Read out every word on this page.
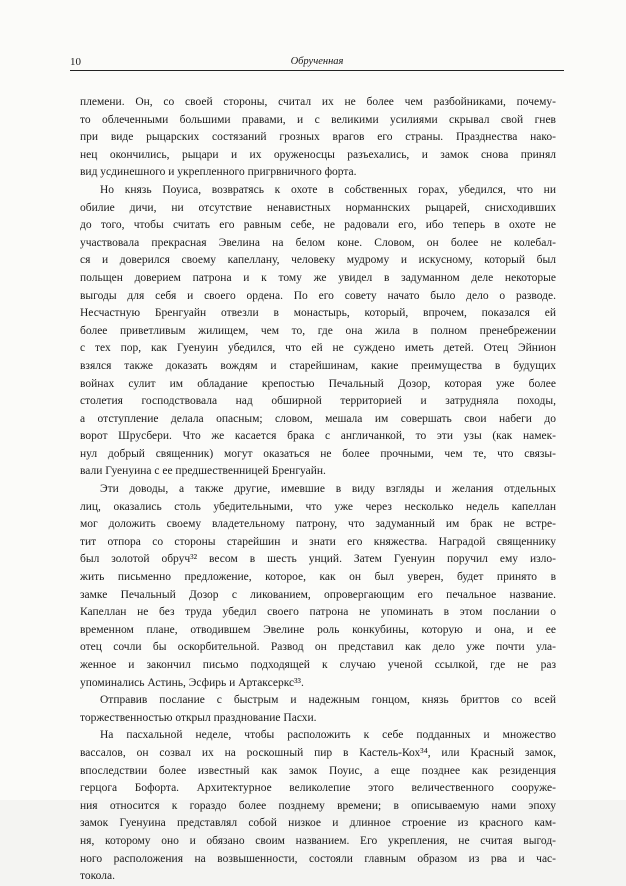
10	Обрученная
племени. Он, со своей стороны, считал их не более чем разбойниками, почему-
то облеченными большими правами, и с великими усилиями скрывал свой гнев
при виде рыцарских состязаний грозных врагов его страны. Празднества нако-
нец окончились, рыцари и их оруженосцы разъехались, и замок снова принял
вид усдинешного и укрепленного пригрвничного форта.
Но князь Поуиса, возвратясь к охоте в собственных горах, убедился, что ни
обилие дичи, ни отсутствие ненавистных норманнских рыцарей, снисходивших
до того, чтобы считать его равным себе, не радовали его, ибо теперь в охоте не
участвовала прекрасная Эвелина на белом коне. Словом, он более не колебал-
ся и доверился своему капеллану, человеку мудрому и искусному, который был
польщен доверием патрона и к тому же увидел в задуманном деле некоторые
выгоды для себя и своего ордена. По его совету начато было дело о разводе.
Несчастную Бренгуайн отвезли в монастырь, который, впрочем, показался ей
более приветливым жилищем, чем то, где она жила в полном пренебрежении
с тех пор, как Гуенуин убедился, что ей не суждено иметь детей. Отец Эйнион
взялся также доказать вождям и старейшинам, какие преимущества в будущих
войнах сулит им обладание крепостью Печальный Дозор, которая уже более
столетия господствовала над обширной территорией и затрудняла походы,
а отступление делала опасным; словом, мешала им совершать свои набеги до
ворот Шрусбери. Что же касается брака с англичанкой, то эти узы (как намек-
нул добрый священник) могут оказаться не более прочными, чем те, что связы-
вали Гуенуина с ее предшественницей Бренгуайн.
Эти доводы, а также другие, имевшие в виду взгляды и желания отдельных
лиц, оказались столь убедительными, что уже через несколько недель капеллан
мог доложить своему владетельному патрону, что задуманный им брак не встре-
тит отпора со стороны старейшин и знати его княжества. Наградой священнику
был золотой обруч³² весом в шесть унций. Затем Гуенуин поручил ему изло-
жить письменно предложение, которое, как он был уверен, будет принято в
замке Печальный Дозор с ликованием, опровергающим его печальное название.
Капеллан не без труда убедил своего патрона не упоминать в этом послании о
временном плане, отводившем Эвелине роль конкубины, которую и она, и ее
отец сочли бы оскорбительной. Развод он представил как дело уже почти ула-
женное и закончил письмо подходящей к случаю ученой ссылкой, где не раз
упоминались Астинь, Эсфирь и Артаксеркс³³.
Отправив послание с быстрым и надежным гонцом, князь бриттов со всей
торжественностью открыл празднование Пасхи.
На пасхальной неделе, чтобы расположить к себе подданных и множество
вассалов, он созвал их на роскошный пир в Кастель-Кох³⁴, или Красный замок,
впоследствии более известный как замок Поуис, а еще позднее как резиденция
герцога Бофорта. Архитектурное великолепие этого величественного сооруже-
ния относится к гораздо более позднему времени; в описываемую нами эпоху
замок Гуенуина представлял собой низкое и длинное строение из красного кам-
ня, которому оно и обязано своим названием. Его укрепления, не считая выгод-
ного расположения на возвышенности, состояли главным образом из рва и час-
токола.
